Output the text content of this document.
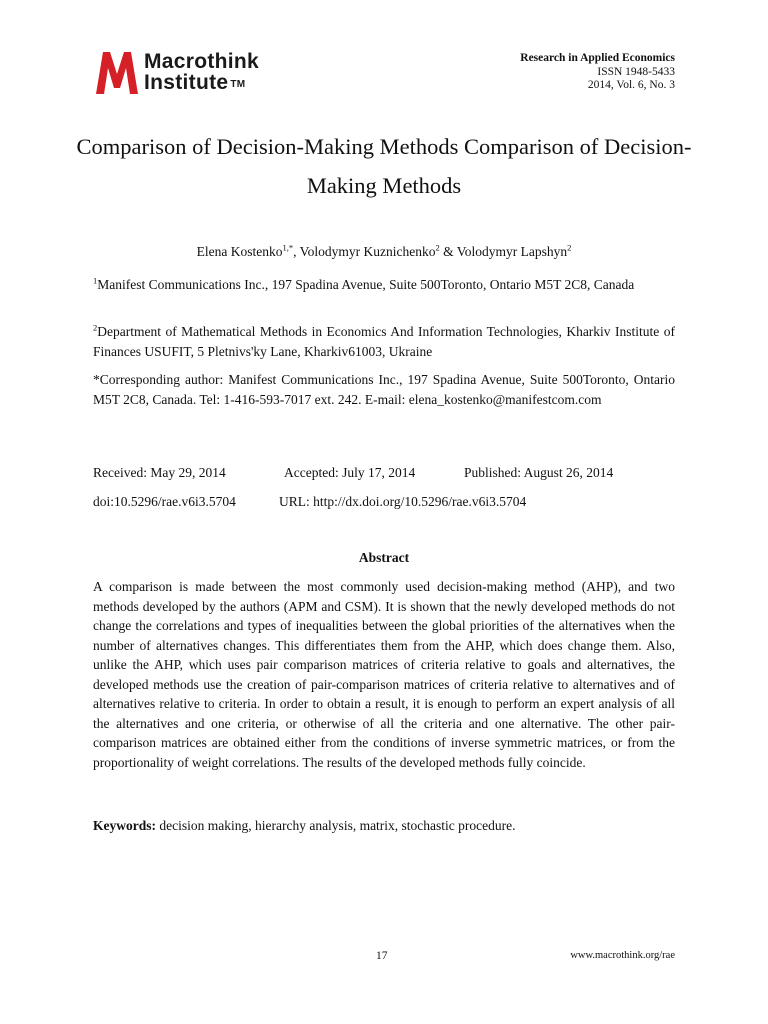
Macrothink
Institute ™
Research in Applied Economics
ISSN 1948-5433
2014, Vol. 6, No. 3
Comparison of Decision-Making Methods Comparison of Decision-Making Methods
Elena Kostenko$^{1,*}$, Volodymyr Kuznichenko$^2$ & Volodymyr Lapshyn$^2$
$^1$Manifest Communications Inc., 197 Spadina Avenue, Suite 500Toronto, Ontario M5T 2C8, Canada
$^2$Department of Mathematical Methods in Economics And Information Technologies, Kharkiv Institute of Finances USUFIT, 5 Pletnivs'ky Lane, Kharkiv61003, Ukraine
*Corresponding author: Manifest Communications Inc., 197 Spadina Avenue, Suite 500Toronto, Ontario M5T 2C8, Canada. Tel: 1-416-593-7017 ext. 242. E-mail: elena_kostenko@manifestcom.com
Received: May 29, 2014	Accepted: July 17, 2014	Published: August 26, 2014
doi:10.5296/rae.v6i3.5704	URL: http://dx.doi.org/10.5296/rae.v6i3.5704
Abstract
A comparison is made between the most commonly used decision-making method (AHP), and two methods developed by the authors (APM and CSM). It is shown that the newly developed methods do not change the correlations and types of inequalities between the global priorities of the alternatives when the number of alternatives changes. This differentiates them from the AHP, which does change them. Also, unlike the AHP, which uses pair comparison matrices of criteria relative to goals and alternatives, the developed methods use the creation of pair-comparison matrices of criteria relative to alternatives and of alternatives relative to criteria. In order to obtain a result, it is enough to perform an expert analysis of all the alternatives and one criteria, or otherwise of all the criteria and one alternative. The other pair-comparison matrices are obtained either from the conditions of inverse symmetric matrices, or from the proportionality of weight correlations. The results of the developed methods fully coincide.
Keywords: decision making, hierarchy analysis, matrix, stochastic procedure.
17	www.macrothink.org/rae
